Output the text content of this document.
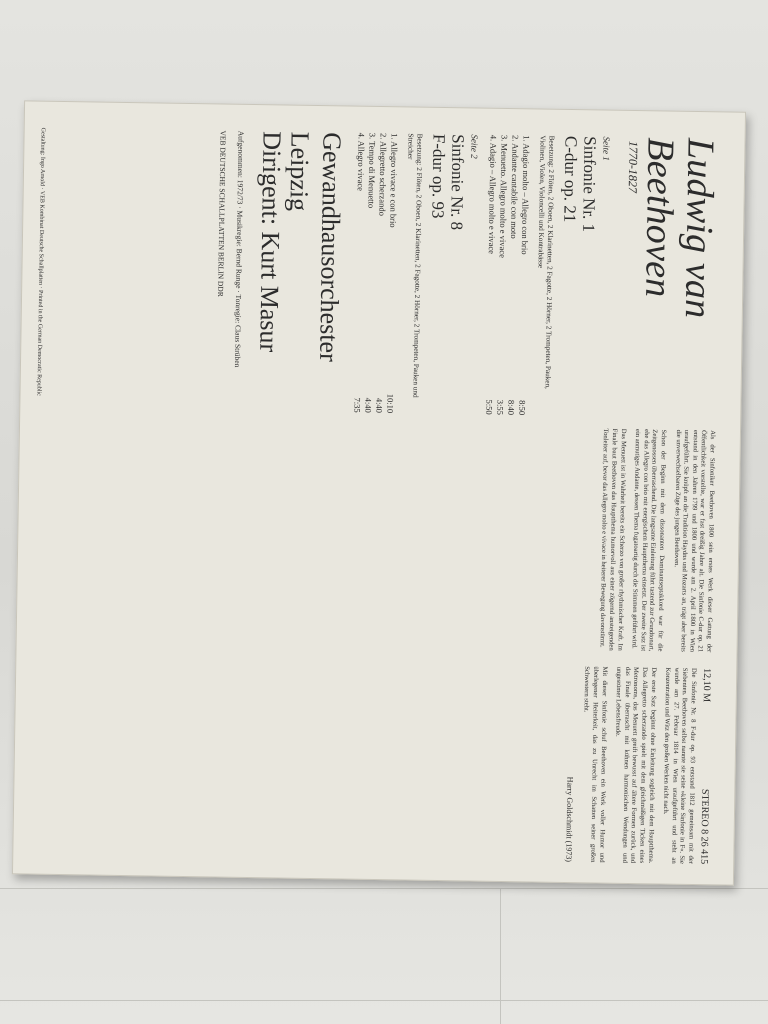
Ludwig van Beethoven

1770-1827

Seite 1

Sinfonie Nr. 1

C-dur op. 21

Besetzung: 2 Flöten, 2 Oboen, 2 Klarinetten, 2 Fagotte, 2 Hörner, 2 Trompeten, Pauken, Violinen, Violen, Violoncelli und Kontrabässe

1. Adagio molto – Allegro con brio
8:50
2. Andante cantabile con moto
8:40
3. Menuetto. Allegro molto e vivace
3:55
4. Adagio – Allegro molto e vivace
5:50

Seite 2

Sinfonie Nr. 8

F-dur op. 93

Besetzung: 2 Flöten, 2 Oboen, 2 Klarinetten, 2 Fagotte, 2 Hörner, 2 Trompeten, Pauken und Streicher

1. Allegro vivace e con brio
10:10
2. Allegretto scherzando
4:40
3. Tempo di Menuetto
4:40
4. Allegro vivace
7:35

Gewandhausorchester

Leipzig

Dirigent: Kurt Masur

Aufgenommen: 1972/73 · Musikregie: Bernd Runge · Tonregie: Claus Strüben

VEB DEUTSCHE SCHALLPLATTEN BERLIN DDR

Als der Sinfoniker Beethoven 1800 sein erstes Werk dieser Gattung der Öffentlichkeit vorstellte, war er fast dreißig Jahre alt. Die Sinfonie C-dur op. 21 entstand in den Jahren 1799 und 1800 und wurde am 2. April 1800 in Wien uraufgeführt. Sie knüpft an die Tradition Haydns und Mozarts an, trägt aber bereits die unverwechselbaren Züge des jungen Beethoven.

Schon der Beginn mit dem dissonanten Dominantseptakkord war für die Zeitgenossen überraschend. Die langsame Einleitung führt tastend zur Grundtonart, ehe das Allegro con brio mit energischem Hauptthema einsetzt. Der zweite Satz ist ein anmutiges Andante, dessen Thema fugatoartig durch die Stimmen geführt wird.

Das Menuett ist in Wahrheit bereits ein Scherzo von großer rhythmischer Kraft. Im Finale baut Beethoven das Hauptthema humorvoll aus einer zögernd ansteigenden Tonleiter auf, bevor das Allegro molto e vivace in heiterer Bewegung davonstürmt.

12,10 M
STEREO 8 26 415

Die Sinfonie Nr. 8 F-dur op. 93 entstand 1812 gemeinsam mit der Siebenten. Beethoven selbst nannte sie seine »kleine Sinfonie in F«. Sie wurde am 27. Februar 1814 in Wien uraufgeführt und steht an Konzentration und Witz den großen Werken nicht nach.

Der erste Satz beginnt ohne Einleitung sogleich mit dem Hauptthema. Das Allegretto scherzando spielt mit dem gleichmäßigen Ticken eines Metronoms, das Menuett greift bewusst auf ältere Formen zurück, und das Finale überrascht mit kühnen harmonischen Wendungen und ungestümer Lebensfreude.

Mit dieser Sinfonie schuf Beethoven ein Werk voller Humor und überlegener Heiterkeit, das zu Unrecht im Schatten seiner großen Schwestern steht.

Harry Goldschmidt (1973)

Gestaltung: Ingo Arnold · VEB Kombinat Deutsche Schallplatten · Printed in the German Democratic Republic
